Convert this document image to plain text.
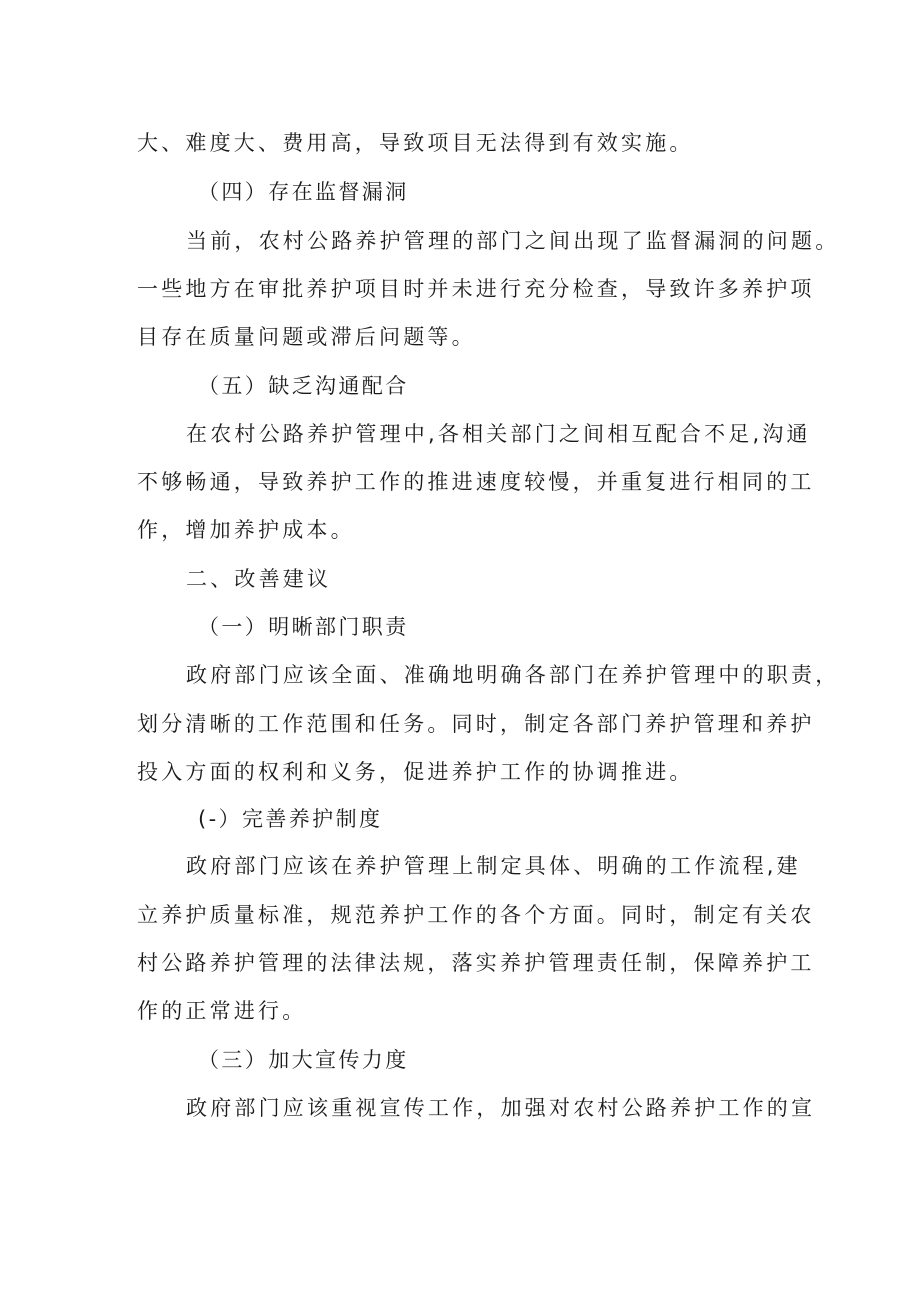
大、难度大、费用高，导致项目无法得到有效实施。
（四）存在监督漏洞
当前，农村公路养护管理的部门之间出现了监督漏洞的问题。
一些地方在审批养护项目时并未进行充分检查，导致许多养护项
目存在质量问题或滞后问题等。
（五）缺乏沟通配合
在农村公路养护管理中,各相关部门之间相互配合不足,沟通
不够畅通，导致养护工作的推进速度较慢，并重复进行相同的工
作，增加养护成本。
二、改善建议
（一）明晰部门职责
政府部门应该全面、准确地明确各部门在养护管理中的职责，
划分清晰的工作范围和任务。同时，制定各部门养护管理和养护
投入方面的权利和义务，促进养护工作的协调推进。
(-）完善养护制度
政府部门应该在养护管理上制定具体、明确的工作流程,建
立养护质量标准，规范养护工作的各个方面。同时，制定有关农
村公路养护管理的法律法规，落实养护管理责任制，保障养护工
作的正常进行。
（三）加大宣传力度
政府部门应该重视宣传工作，加强对农村公路养护工作的宣
